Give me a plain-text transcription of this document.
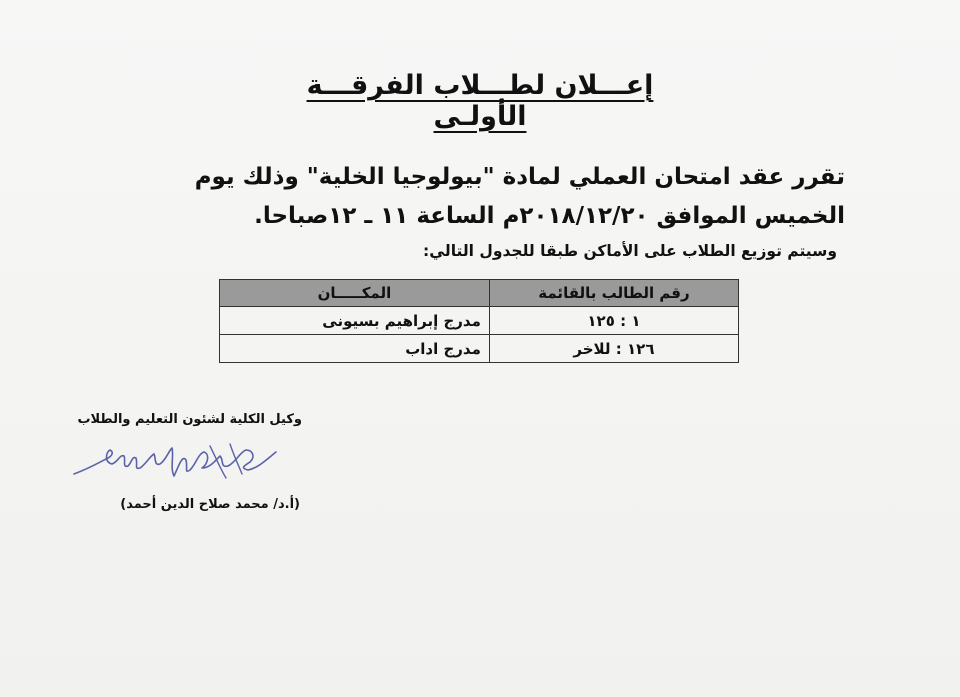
إعـــلان لطـــلاب الفرقـــة الأولـى
تقرر عقد امتحان العملي لمادة "بيولوجيا الخلية" وذلك يوم
الخميس الموافق ٢٠١٨/١٢/٢٠م الساعة ١١ ـ ١٢صباحا.
وسيتم توزيع الطلاب على الأماكن طبقا للجدول التالي:
رقم الطالب بالقائمة	المكـــــان
١ : ١٢٥	مدرج إبراهيم بسيونى
١٢٦ : للاخر	مدرج اداب
وكيل الكلية لشئون التعليم والطلاب
(أ.د/ محمد صلاح الدين أحمد)
